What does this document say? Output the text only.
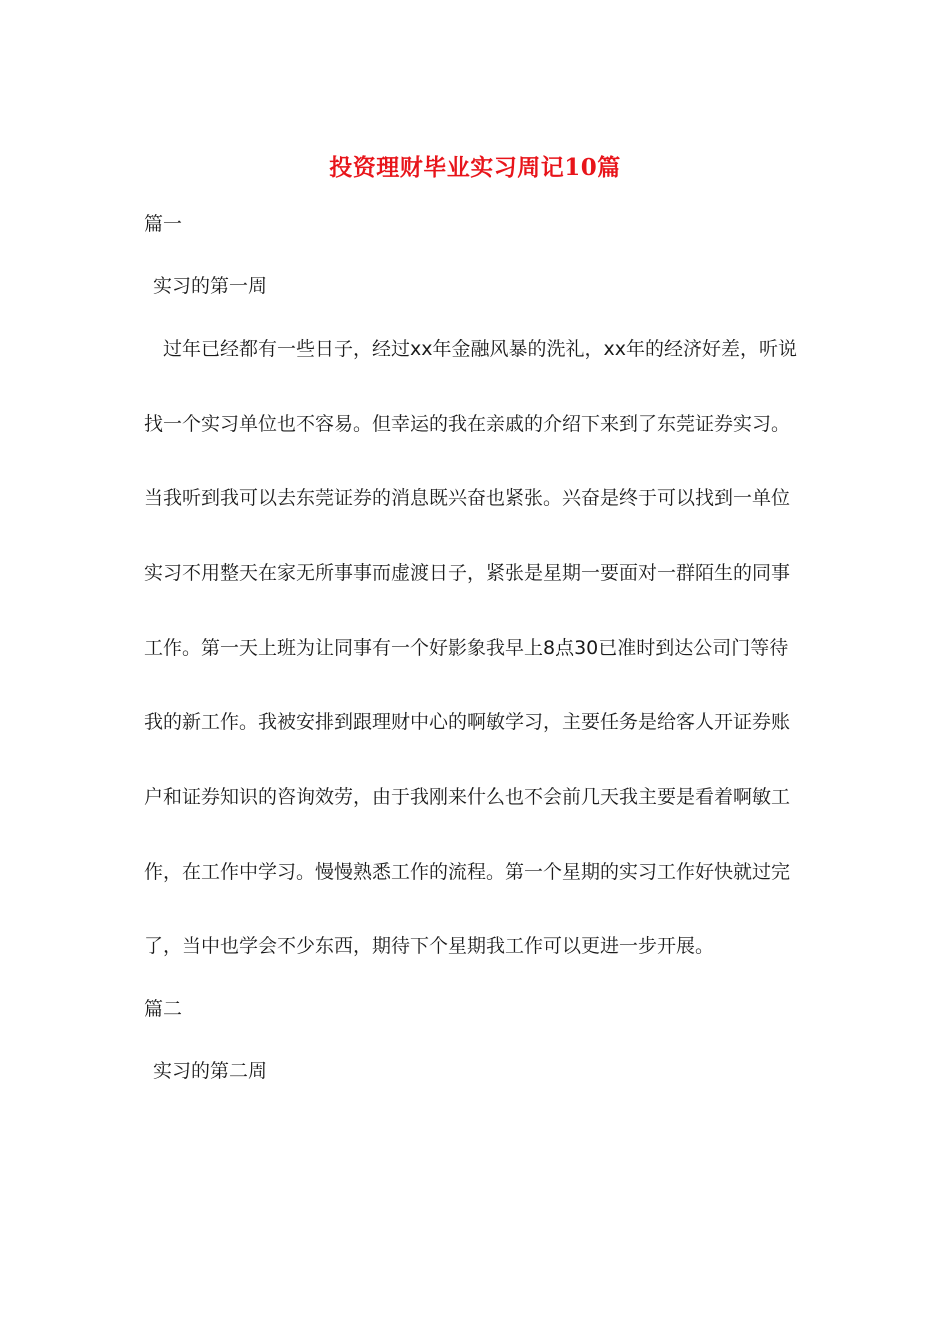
投资理财毕业实习周记10篇
篇一
实习的第一周
过年已经都有一些日子，经过xx年金融风暴的洗礼，xx年的经济好差，听说
找一个实习单位也不容易。但幸运的我在亲戚的介绍下来到了东莞证券实习。
当我听到我可以去东莞证券的消息既兴奋也紧张。兴奋是终于可以找到一单位
实习不用整天在家无所事事而虚渡日子，紧张是星期一要面对一群陌生的同事
工作。第一天上班为让同事有一个好影象我早上8点30已准时到达公司门等待
我的新工作。我被安排到跟理财中心的啊敏学习，主要任务是给客人开证券账
户和证券知识的咨询效劳，由于我刚来什么也不会前几天我主要是看着啊敏工
作，在工作中学习。慢慢熟悉工作的流程。第一个星期的实习工作好快就过完
了，当中也学会不少东西，期待下个星期我工作可以更进一步开展。
篇二
实习的第二周
